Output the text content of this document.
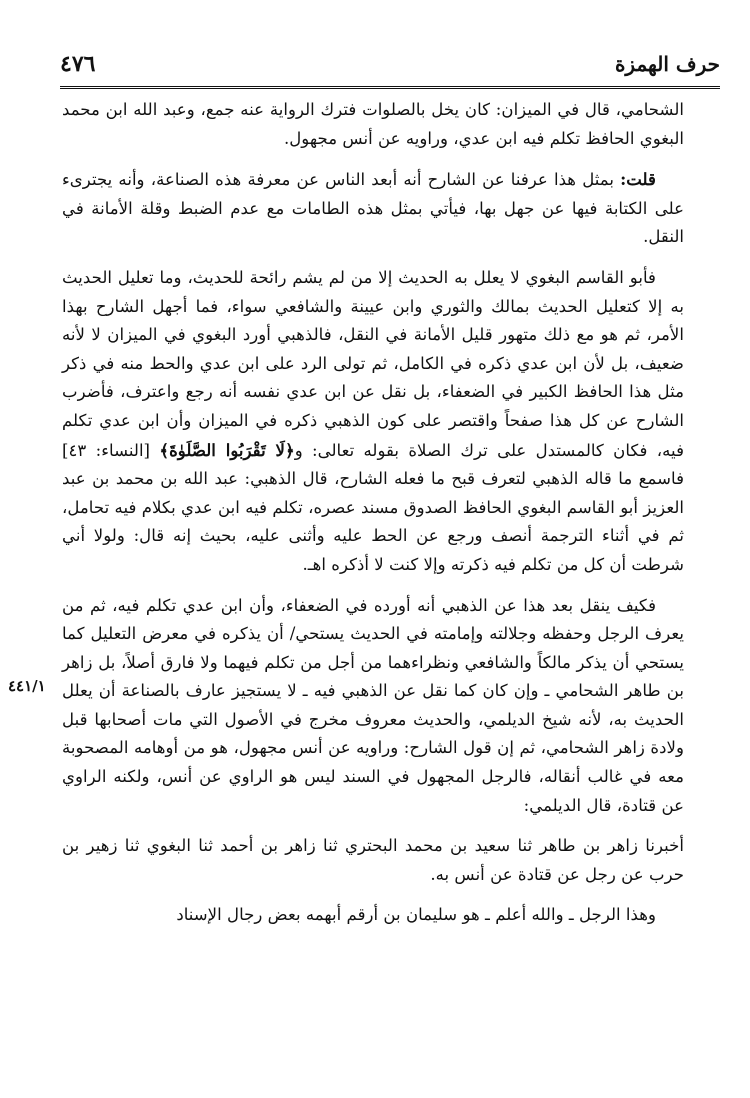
حرف الهمزة
٤٧٦
٤٤١/١

الشحامي، قال في الميزان: كان يخل بالصلوات فترك الرواية عنه جمع، وعبد الله ابن محمد البغوي الحافظ تكلم فيه ابن عدي، وراويه عن أنس مجهول.

قلت: بمثل هذا عرفنا عن الشارح أنه أبعد الناس عن معرفة هذه الصناعة، وأنه يجترىء على الكتابة فيها عن جهل بها، فيأتي بمثل هذه الطامات مع عدم الضبط وقلة الأمانة في النقل.

فأبو القاسم البغوي لا يعلل به الحديث إلا من لم يشم رائحة للحديث، وما تعليل الحديث به إلا كتعليل الحديث بمالك والثوري وابن عيينة والشافعي سواء، فما أجهل الشارح بهذا الأمر، ثم هو مع ذلك متهور قليل الأمانة في النقل، فالذهبي أورد البغوي في الميزان لا لأنه ضعيف، بل لأن ابن عدي ذكره في الكامل، ثم تولى الرد على ابن عدي والحط منه في ذكر مثل هذا الحافظ الكبير في الضعفاء، بل نقل عن ابن عدي نفسه أنه رجع واعترف، فأضرب الشارح عن كل هذا صفحاً واقتصر على كون الذهبي ذكره في الميزان وأن ابن عدي تكلم فيه، فكان كالمستدل على ترك الصلاة بقوله تعالى: و﴿لَا تَقْرَبُوا الصَّلَوٰةَ﴾ [النساء: ٤٣] فاسمع ما قاله الذهبي لتعرف قبح ما فعله الشارح، قال الذهبي: عبد الله بن محمد بن عبد العزيز أبو القاسم البغوي الحافظ الصدوق مسند عصره، تكلم فيه ابن عدي بكلام فيه تحامل، ثم في أثناء الترجمة أنصف ورجع عن الحط عليه وأثنى عليه، بحيث إنه قال: ولولا أني شرطت أن كل من تكلم فيه ذكرته وإلا كنت لا أذكره اهـ.

فكيف ينقل بعد هذا عن الذهبي أنه أورده في الضعفاء، وأن ابن عدي تكلم فيه، ثم من يعرف الرجل وحفظه وجلالته وإمامته في الحديث يستحي/ أن يذكره في معرض التعليل كما يستحي أن يذكر مالكاً والشافعي ونظراءهما من أجل من تكلم فيهما ولا فارق أصلاً، بل زاهر بن طاهر الشحامي ـ وإن كان كما نقل عن الذهبي فيه ـ لا يستجيز عارف بالصناعة أن يعلل الحديث به، لأنه شيخ الديلمي، والحديث معروف مخرج في الأصول التي مات أصحابها قبل ولادة زاهر الشحامي، ثم إن قول الشارح: وراويه عن أنس مجهول، هو من أوهامه المصحوبة معه في غالب أنقاله، فالرجل المجهول في السند ليس هو الراوي عن أنس، ولكنه الراوي عن قتادة، قال الديلمي:

أخبرنا زاهر بن طاهر ثنا سعيد بن محمد البحتري ثنا زاهر بن أحمد ثنا البغوي ثنا زهير بن حرب عن رجل عن قتادة عن أنس به.

وهذا الرجل ـ والله أعلم ـ هو سليمان بن أرقم أبهمه بعض رجال الإسناد
